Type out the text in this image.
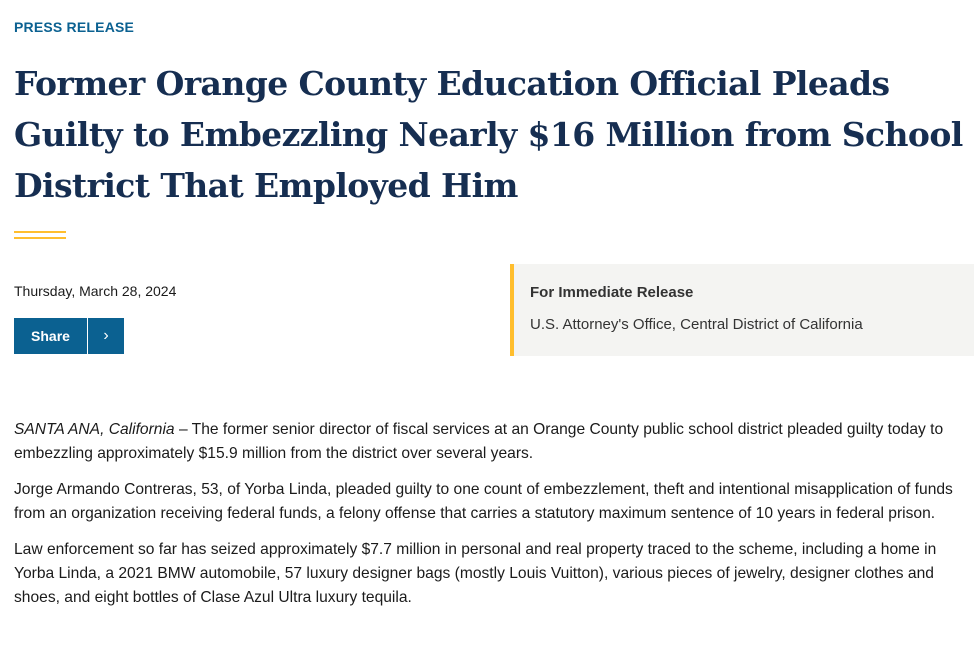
PRESS RELEASE
Former Orange County Education Official Pleads Guilty to Embezzling Nearly $16 Million from School District That Employed Him
Thursday, March 28, 2024
Share	›
For Immediate Release
U.S. Attorney's Office, Central District of California

SANTA ANA, California – The former senior director of fiscal services at an Orange County public school district pleaded guilty today to embezzling approximately $15.9 million from the district over several years.

Jorge Armando Contreras, 53, of Yorba Linda, pleaded guilty to one count of embezzlement, theft and intentional misapplication of funds from an organization receiving federal funds, a felony offense that carries a statutory maximum sentence of 10 years in federal prison.

Law enforcement so far has seized approximately $7.7 million in personal and real property traced to the scheme, including a home in Yorba Linda, a 2021 BMW automobile, 57 luxury designer bags (mostly Louis Vuitton), various pieces of jewelry, designer clothes and shoes, and eight bottles of Clase Azul Ultra luxury tequila.
